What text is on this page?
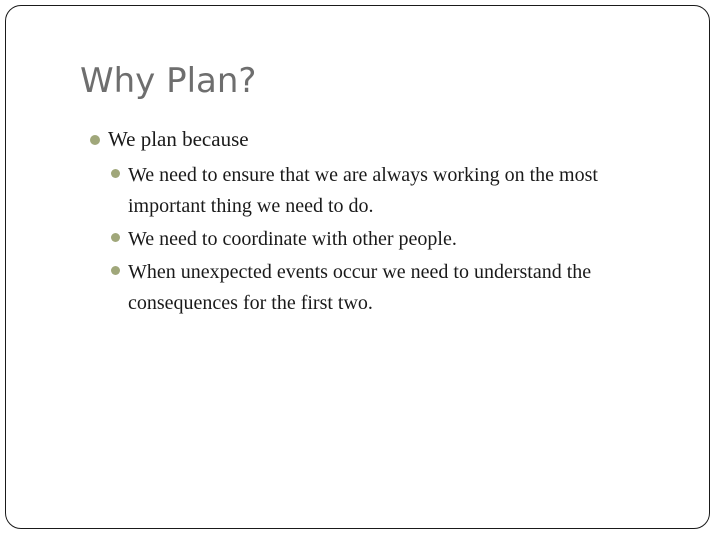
Why Plan?
We plan because
We need to ensure that we are always working on the most important thing we need to do.
We need to coordinate with other people.
When unexpected events occur we need to understand the consequences for the first two.
